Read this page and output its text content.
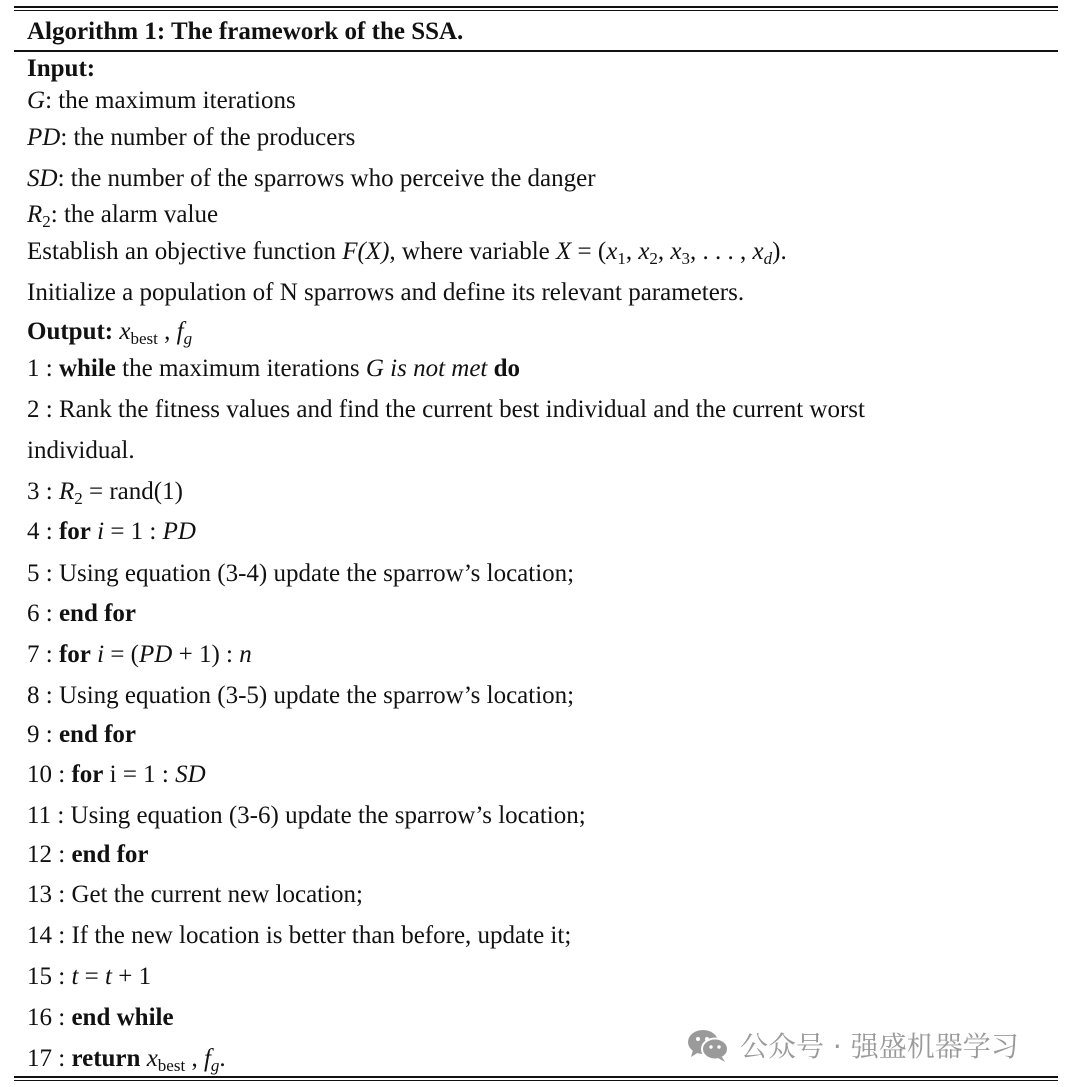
Algorithm 1: The framework of the SSA.
Input:
G: the maximum iterations
PD: the number of the producers
SD: the number of the sparrows who perceive the danger
$R_2$: the alarm value
Establish an objective function F(X), where variable $X = (x_1$, $x_2$, $x_3$, . . . , $x_d$).
Initialize a population of N sparrows and define its relevant parameters.
Output: $x_{best}$ , $f_g$
1 : while the maximum iterations G is not met do
2 : Rank the fitness values and find the current best individual and the current worst
individual.
3 : $R_2$ = rand(1)
4 : for i = 1 : PD
5 : Using equation (3-4) update the sparrow’s location;
6 : end for
7 : for i = (PD + 1) : n
8 : Using equation (3-5) update the sparrow’s location;
9 : end for
10 : for i = 1 : SD
11 : Using equation (3-6) update the sparrow’s location;
12 : end for
13 : Get the current new location;
14 : If the new location is better than before, update it;
15 : t = t + 1
16 : end while
17 : return $x_{best}$ , $f_g$.	公众号 · 强盛机器学习
